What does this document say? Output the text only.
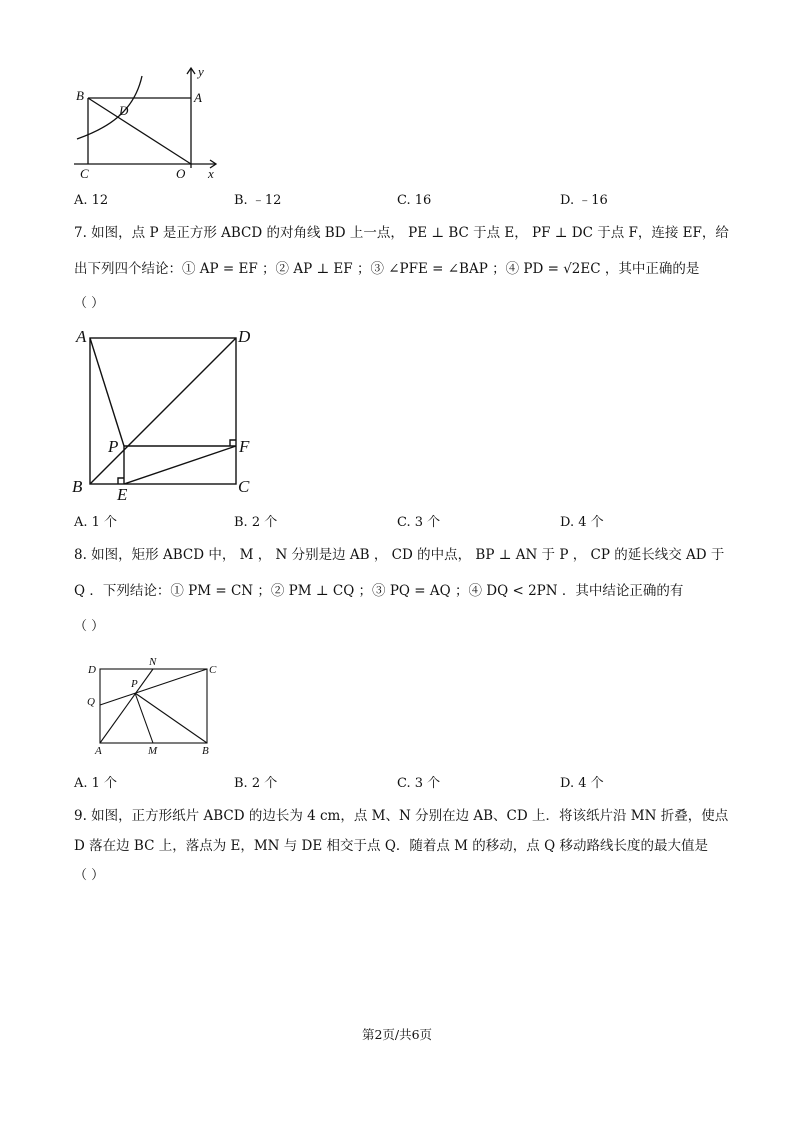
B
D
A
y
C	O x
A. 12	B. ﹣12	C. 16	D. ﹣16
7. 如图，点 P 是正方形 ABCD 的对角线 BD 上一点， PE ⊥ BC 于点 E， PF ⊥ DC 于点 F，连接 EF，给
出下列四个结论：① AP = EF ；② AP ⊥ EF ；③ ∠PFE = ∠BAP ；④ PD = √2EC ，其中正确的是
（ ）
A	D
P	F
B E	C
A. 1 个	B. 2 个	C. 3 个	D. 4 个
8. 如图，矩形 ABCD 中， M ， N 分别是边 AB ， CD 的中点， BP ⊥ AN 于 P ， CP 的延长线交 AD 于
Q ．下列结论：① PM = CN ；② PM ⊥ CQ ；③ PQ = AQ ；④ DQ < 2PN ．其中结论正确的有
（ ）
D
N
C
P
Q
A	M	B
A. 1 个	B. 2 个	C. 3 个	D. 4 个
9. 如图，正方形纸片 ABCD 的边长为 4 cm，点 M、N 分别在边 AB、CD 上．将该纸片沿 MN 折叠，使点
D 落在边 BC 上，落点为 E，MN 与 DE 相交于点 Q．随着点 M 的移动，点 Q 移动路线长度的最大值是
（ ）
第2页/共6页
